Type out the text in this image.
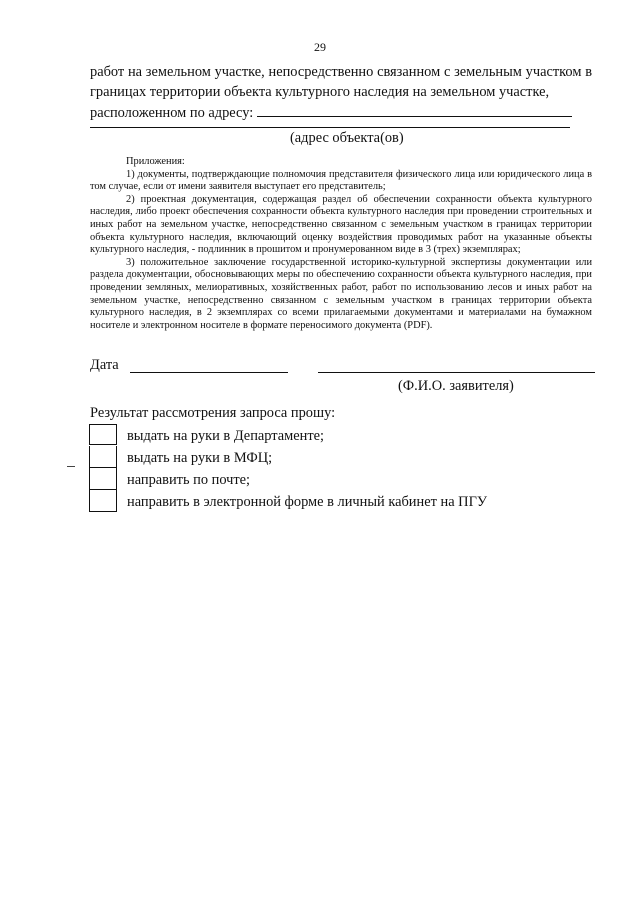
29
работ на земельном участке, непосредственно связанном с земельным участком в границах территории объекта культурного наследия на земельном участке,
расположенном по адресу:
(адрес объекта(ов)

Приложения:

1) документы, подтверждающие полномочия представителя физического лица или юридического лица в том случае, если от имени заявителя выступает его представитель;

2) проектная документация, содержащая раздел об обеспечении сохранности объекта культурного наследия, либо проект обеспечения сохранности объекта культурного наследия при проведении строительных и иных работ на земельном участке, непосредственно связанном с земельным участком в границах территории объекта культурного наследия, включающий оценку воздействия проводимых работ на указанные объекты культурного наследия, - подлинник в прошитом и пронумерованном виде в 3 (трех) экземплярах;

3) положительное заключение государственной историко-культурной экспертизы документации или раздела документации, обосновывающих меры по обеспечению сохранности объекта культурного наследия, при проведении земляных, мелиоративных, хозяйственных работ, работ по использованию лесов и иных работ на земельном участке, непосредственно связанном с земельным участком в границах территории объекта культурного наследия, в 2 экземплярах со всеми прилагаемыми документами и материалами на бумажном носителе и электронном носителе в формате переносимого документа (PDF).

Дата
(Ф.И.О. заявителя)
Результат рассмотрения запроса прошу:
выдать на руки в Департаменте;
выдать на руки в МФЦ;
направить по почте;
направить в электронной форме в личный кабинет на ПГУ
